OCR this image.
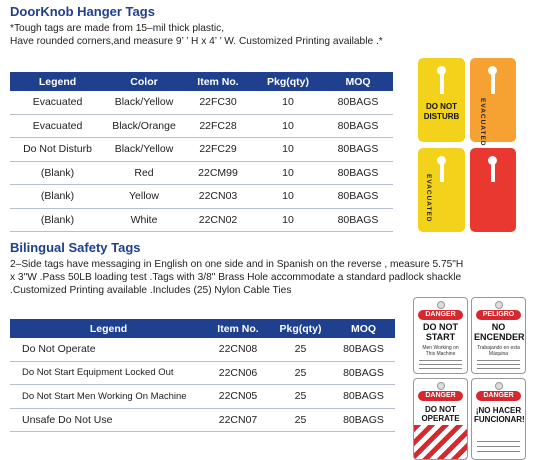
DoorKnob Hanger Tags
*Tough tags are made from 15–mil thick plastic,
Have rounded corners,and measure 9’ ’ H x 4’ ’ W. Customized Printing available .*
Legend	Color	Item No.	Pkg(qty)	MOQ
Evacuated	Black/Yellow	22FC30	10	80BAGS
Evacuated	Black/Orange	22FC28	10	80BAGS
Do Not Disturb	Black/Yellow	22FC29	10	80BAGS
(Blank)	Red	22CM99	10	80BAGS
(Blank)	Yellow	22CN03	10	80BAGS
(Blank)	White	22CN02	10	80BAGS
DO NOT
DISTURB	EVACUATED
EVACUATED
Bilingual Safety Tags
2–Side tags have messaging in English on one side and in Spanish on the reverse , measure 5.75"H
x 3"W .Pass 50LB loading test .Tags with 3/8" Brass Hole accommodate a standard padlock shackle
.Customized Printing available .Includes (25) Nylon Cable Ties
Legend	Item No.	Pkg(qty)	MOQ
Do Not Operate	22CN08	25	80BAGS
Do Not Start Equipment Locked Out	22CN06	25	80BAGS
Do Not Start Men Working On Machine	22CN05	25	80BAGS
Unsafe Do Not Use	22CN07	25	80BAGS
DANGER
DO NOT START
Men Working on This Machine
PELIGRO
NO ENCENDER
Trabajando en esta Máquina
DANGER
DO NOT OPERATE
DANGER
¡NO HACER FUNCIONAR!
